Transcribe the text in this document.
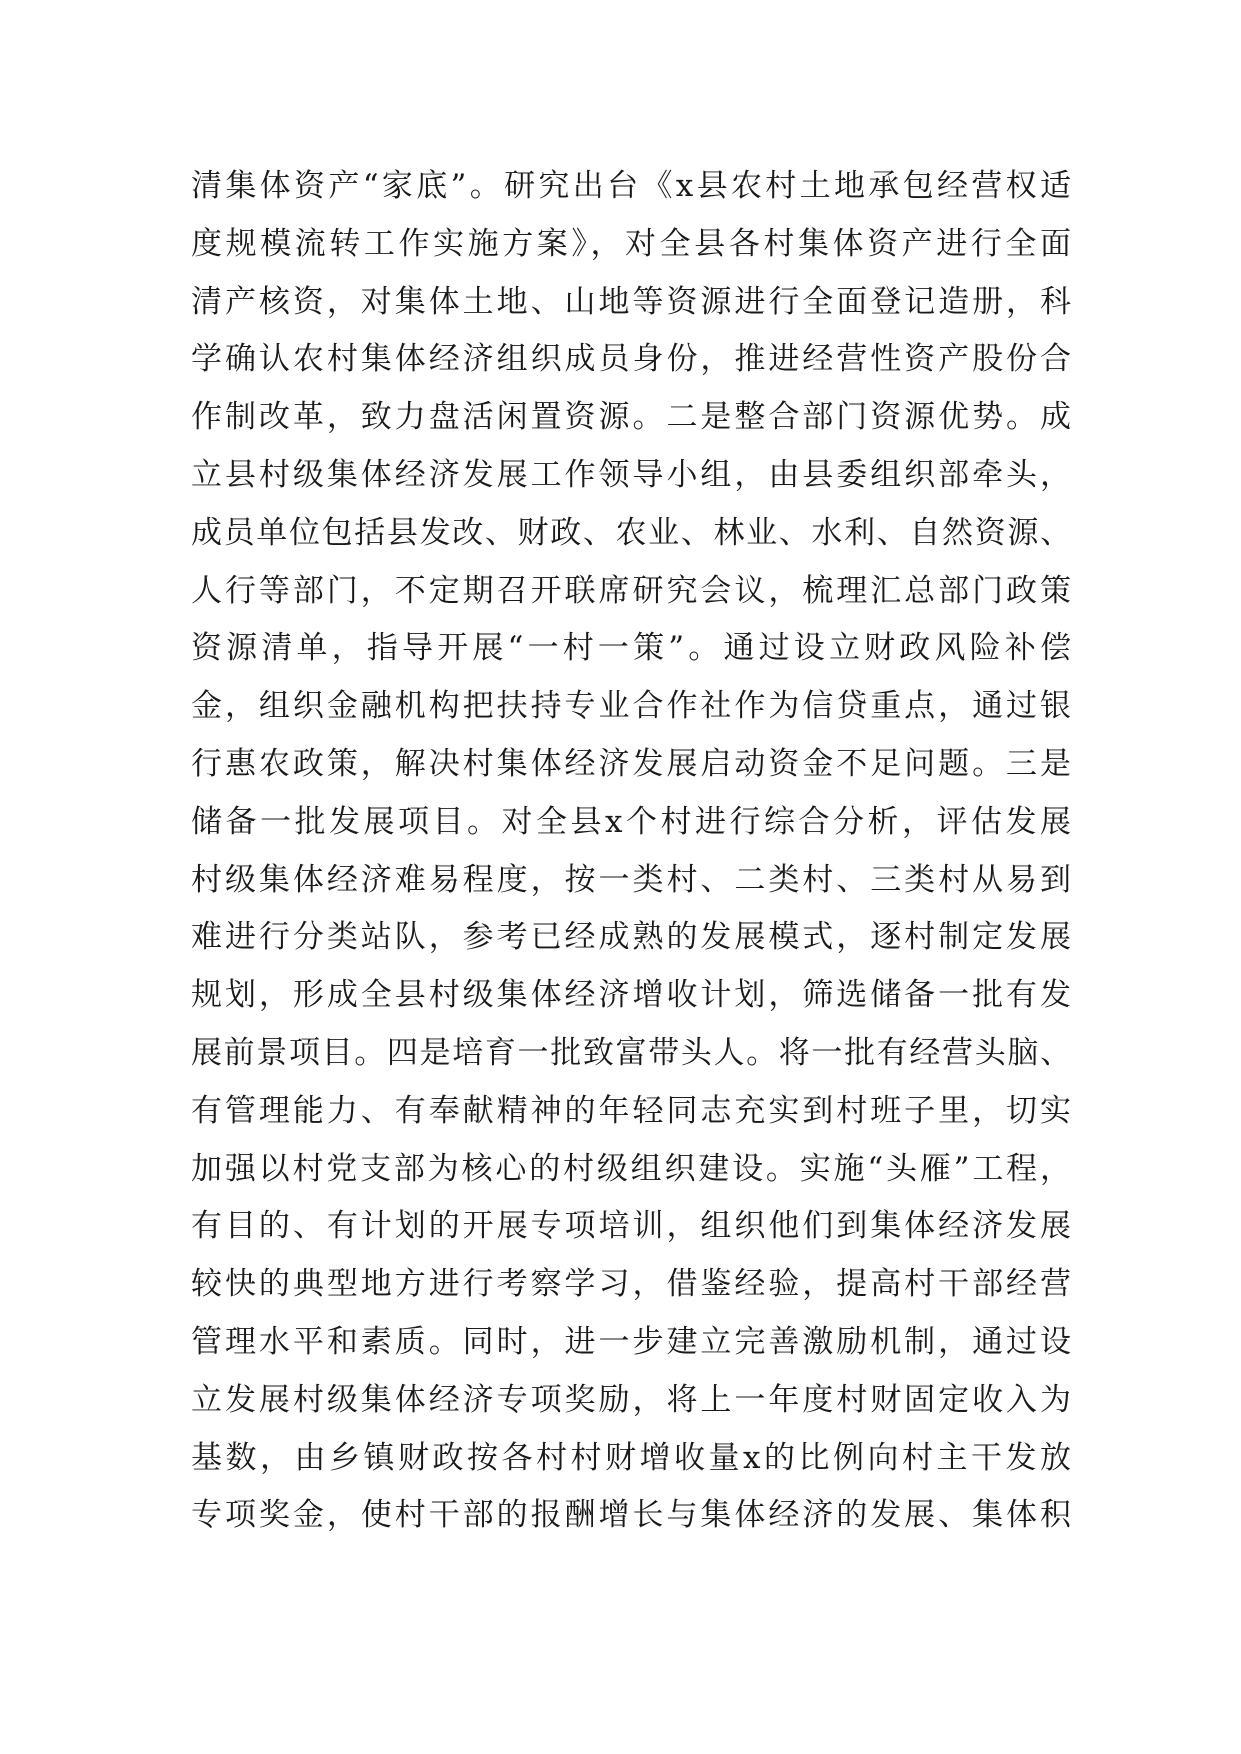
清集体资产“家底”。研究出台《x县农村土地承包经营权适
度规模流转工作实施方案》，对全县各村集体资产进行全面
清产核资，对集体土地、山地等资源进行全面登记造册，科
学确认农村集体经济组织成员身份，推进经营性资产股份合
作制改革，致力盘活闲置资源。二是整合部门资源优势。成
立县村级集体经济发展工作领导小组，由县委组织部牵头，
成员单位包括县发改、财政、农业、林业、水利、自然资源、
人行等部门，不定期召开联席研究会议，梳理汇总部门政策
资源清单，指导开展“一村一策”。通过设立财政风险补偿
金，组织金融机构把扶持专业合作社作为信贷重点，通过银
行惠农政策，解决村集体经济发展启动资金不足问题。三是
储备一批发展项目。对全县x个村进行综合分析，评估发展
村级集体经济难易程度，按一类村、二类村、三类村从易到
难进行分类站队，参考已经成熟的发展模式，逐村制定发展
规划，形成全县村级集体经济增收计划，筛选储备一批有发
展前景项目。四是培育一批致富带头人。将一批有经营头脑、
有管理能力、有奉献精神的年轻同志充实到村班子里，切实
加强以村党支部为核心的村级组织建设。实施“头雁”工程，
有目的、有计划的开展专项培训，组织他们到集体经济发展
较快的典型地方进行考察学习，借鉴经验，提高村干部经营
管理水平和素质。同时，进一步建立完善激励机制，通过设
立发展村级集体经济专项奖励，将上一年度村财固定收入为
基数，由乡镇财政按各村村财增收量x的比例向村主干发放
专项奖金，使村干部的报酬增长与集体经济的发展、集体积
